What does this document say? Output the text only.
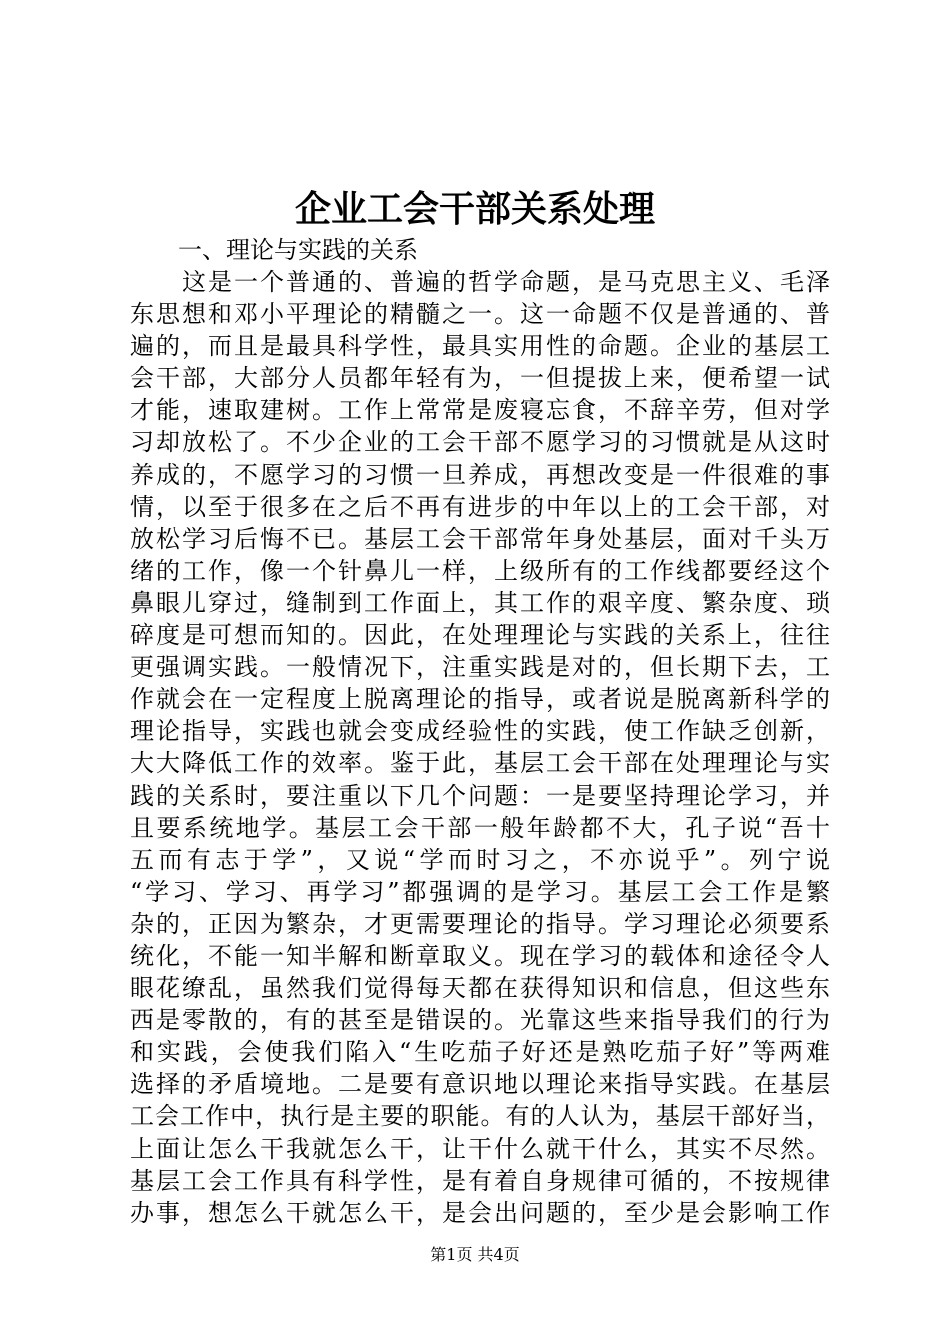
企业工会干部关系处理

一、理论与实践的关系

这是一个普通的、普遍的哲学命题，是马克思主义、毛泽
东思想和邓小平理论的精髓之一。这一命题不仅是普通的、普
遍的，而且是最具科学性，最具实用性的命题。企业的基层工
会干部，大部分人员都年轻有为，一但提拔上来，便希望一试
才能，速取建树。工作上常常是废寝忘食，不辞辛劳，但对学
习却放松了。不少企业的工会干部不愿学习的习惯就是从这时
养成的，不愿学习的习惯一旦养成，再想改变是一件很难的事
情，以至于很多在之后不再有进步的中年以上的工会干部，对
放松学习后悔不已。基层工会干部常年身处基层，面对千头万
绪的工作，像一个针鼻儿一样，上级所有的工作线都要经这个
鼻眼儿穿过，缝制到工作面上，其工作的艰辛度、繁杂度、琐
碎度是可想而知的。因此，在处理理论与实践的关系上，往往
更强调实践。一般情况下，注重实践是对的，但长期下去，工
作就会在一定程度上脱离理论的指导，或者说是脱离新科学的
理论指导，实践也就会变成经验性的实践，使工作缺乏创新，
大大降低工作的效率。鉴于此，基层工会干部在处理理论与实
践的关系时，要注重以下几个问题：一是要坚持理论学习，并
且要系统地学。基层工会干部一般年龄都不大，孔子说“吾十
五而有志于学”，又说“学而时习之，不亦说乎”。列宁说
“学习、学习、再学习”都强调的是学习。基层工会工作是繁
杂的，正因为繁杂，才更需要理论的指导。学习理论必须要系
统化，不能一知半解和断章取义。现在学习的载体和途径令人
眼花缭乱，虽然我们觉得每天都在获得知识和信息，但这些东
西是零散的，有的甚至是错误的。光靠这些来指导我们的行为
和实践，会使我们陷入“生吃茄子好还是熟吃茄子好”等两难
选择的矛盾境地。二是要有意识地以理论来指导实践。在基层
工会工作中，执行是主要的职能。有的人认为，基层干部好当，
上面让怎么干我就怎么干，让干什么就干什么，其实不尽然。
基层工会工作具有科学性，是有着自身规律可循的，不按规律
办事，想怎么干就怎么干，是会出问题的，至少是会影响工作

第1页 共4页
